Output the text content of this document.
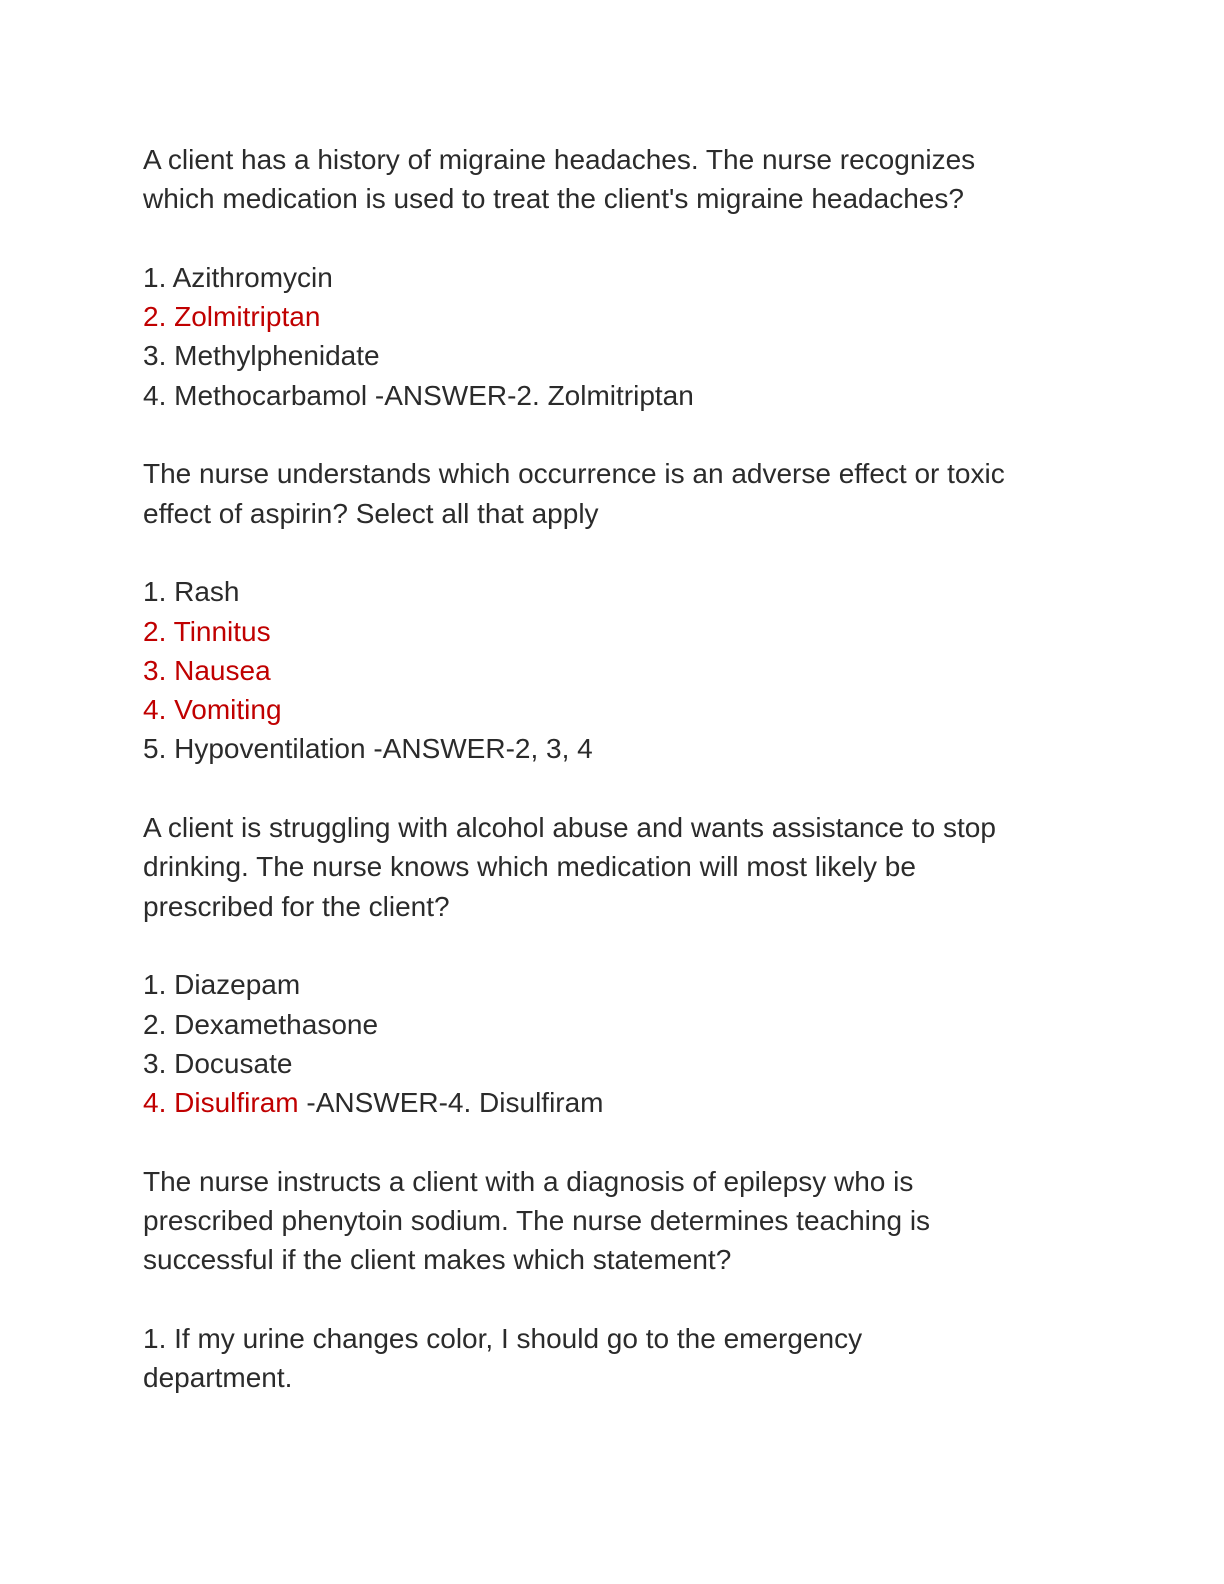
A client has a history of migraine headaches. The nurse recognizes

which medication is used to treat the client's migraine headaches?

1. Azithromycin

2. Zolmitriptan

3. Methylphenidate

4. Methocarbamol -ANSWER-2. Zolmitriptan

The nurse understands which occurrence is an adverse effect or toxic

effect of aspirin? Select all that apply

1. Rash

2. Tinnitus

3. Nausea

4. Vomiting

5. Hypoventilation -ANSWER-2, 3, 4

A client is struggling with alcohol abuse and wants assistance to stop

drinking. The nurse knows which medication will most likely be

prescribed for the client?

1. Diazepam

2. Dexamethasone

3. Docusate

4. Disulfiram -ANSWER-4. Disulfiram

The nurse instructs a client with a diagnosis of epilepsy who is

prescribed phenytoin sodium. The nurse determines teaching is

successful if the client makes which statement?

1. If my urine changes color, I should go to the emergency

department.
